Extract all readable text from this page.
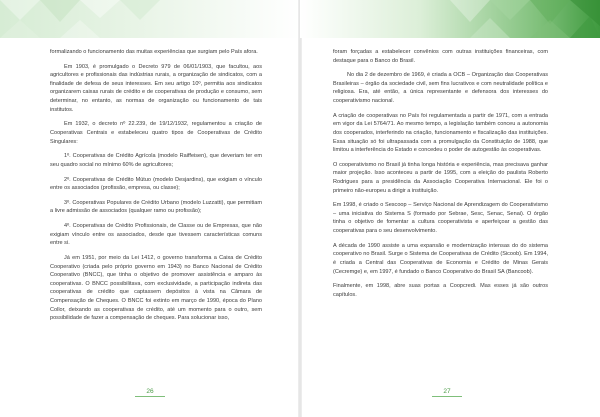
formalizando o funcionamento das muitas experiências que surgiam pelo País afora.

Em 1903, é promulgado o Decreto 979 de 06/01/1903, que facultou, aos agricultores e profissionais das indústrias rurais, a organização de sindicatos, com a finalidade de defesa de seus interesses. Em seu artigo 10º, permitia aos sindicatos organizarem caixas rurais de crédito e de cooperativas de produção e consumo, sem determinar, no entanto, as normas de organização ou funcionamento de tais institutos.

Em 1932, o decreto nº 22.239, de 19/12/1932, regulamentou a criação de Cooperativas Centrais e estabeleceu quatro tipos de Cooperativas de Crédito Singulares:

1º. Cooperativas de Crédito Agrícola (modelo Raiffeisen), que deveriam ter em seu quadro social no mínimo 60% de agricultores;

2º. Cooperativas de Crédito Mútuo (modelo Desjardins), que exigiam o vínculo entre os associados (profissão, empresa, ou classe);

3º. Cooperativas Populares de Crédito Urbano (modelo Luzzatti), que permitiam a livre admissão de associados (qualquer ramo ou profissão);

4º. Cooperativas de Crédito Profissionais, de Classe ou de Empresas, que não exigiam vínculo entre os associados, desde que tivessem características comuns entre si.

Já em 1951, por meio da Lei 1412, o governo transforma a Caixa de Crédito Cooperativo (criada pelo próprio governo em 1943) no Banco Nacional de Crédito Cooperativo (BNCC), que tinha o objetivo de promover assistência e amparo às cooperativas. O BNCC possibilitava, com exclusividade, a participação indireta das cooperativas de crédito que captassem depósitos à vista na Câmara de Compensação de Cheques. O BNCC foi extinto em março de 1990, época do Plano Collor, deixando as cooperativas de crédito, até um momento para o outro, sem possibilidade de fazer a compensação de cheques. Para solucionar isso,

26

foram forçadas a estabelecer convênios com outras instituições financeiras, com destaque para o Banco do Brasil.

No dia 2 de dezembro de 1969, é criada a OCB – Organização das Cooperativas Brasileiras – órgão da sociedade civil, sem fins lucrativos e com neutralidade política e religiosa. Era, até então, a única representante e defensora dos interesses do cooperativismo nacional.

A criação de cooperativas no País foi regulamentada a partir de 1971, com a entrada em vigor da Lei 5764/71. Ao mesmo tempo, a legislação também conceu a autonomia dos cooperados, interferindo na criação, funcionamento e fiscalização das instituições. Essa situação só foi ultrapassada com a promulgação da Constituição de 1988, que limitou a interferência do Estado e concedeu o poder de autogestão às cooperativas.

O cooperativismo no Brasil já tinha longa história e experiência, mas precisava ganhar maior projeção. Isso aconteceu a partir de 1995, com a eleição do paulista Roberto Rodrigues para a presidência da Associação Cooperativa Internacional. Ele foi o primeiro não-europeu a dirigir a instituição.

Em 1998, é criado o Sescoop – Serviço Nacional de Aprendizagem do Cooperativismo – uma iniciativa do Sistema S (formado por Sebrae, Sesc, Senac, Senai). O órgão tinha o objetivo de fomentar a cultura cooperativista e aperfeiçoar a gestão das cooperativas para o seu desenvolvimento.

A década de 1990 assiste a uma expansão e modernização intensas do do sistema cooperativo no Brasil. Surge o Sistema de Cooperativas de Crédito (Sicoob). Em 1994, é criada a Central das Cooperativas de Economia e Crédito de Minas Gerais (Cecremge) e, em 1997, é fundado o Banco Cooperativo do Brasil SA (Bancoob).

Finalmente, em 1998, abre suas portas a Coopcredi. Mas esses já são outros capítulos.

27
